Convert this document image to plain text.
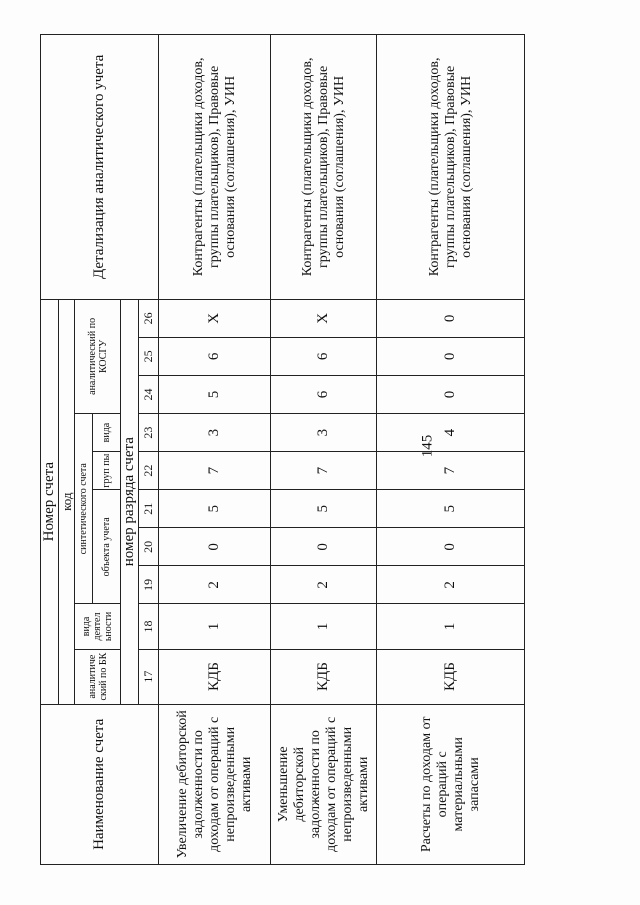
145
Наименование счета	Номер счета										Детализация аналитического учета
	код										
	аналитиче ский по БК	вида деятел ьности	синтетического счета					аналитический по КОСГУ			
			объекта учета			груп пы	вида				
	номер разряда счета										
	17	18	19	20	21	22	23	24	25	26	
Увеличение дебиторской задолженности по доходам от операций с непроизведенными активами	КДБ	1	2	0	5	7	3	5	6	X	Контрагенты (плательщики доходов, группы плательщиков), Правовые основания (соглашения), УИН
Уменьшение дебиторской задолженности по доходам от операций с непроизведенными активами	КДБ	1	2	0	5	7	3	6	6	X	Контрагенты (плательщики доходов, группы плательщиков), Правовые основания (соглашения), УИН
Расчеты по доходам от операций с материальными запасами	КДБ	1	2	0	5	7	4	0	0	0	Контрагенты (плательщики доходов, группы плательщиков), Правовые основания (соглашения), УИН
